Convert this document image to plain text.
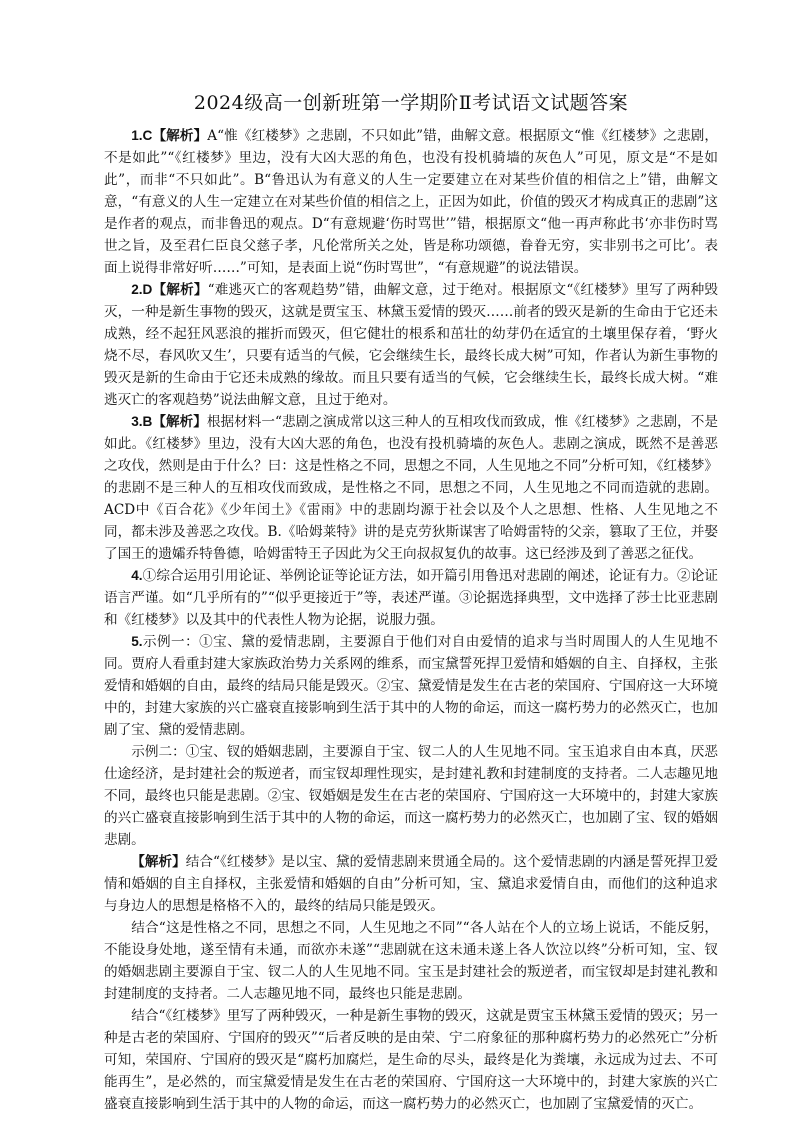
2024级高一创新班第一学期阶Ⅱ考试语文试题答案

1.C【解析】A“惟《红楼梦》之悲剧，不只如此”错，曲解文意。根据原文“惟《红楼梦》之悲剧，不是如此”“《红楼梦》里边，没有大凶大恶的角色，也没有投机骑墙的灰色人”可见，原文是“不是如此”，而非“不只如此”。B“鲁迅认为有意义的人生一定要建立在对某些价值的相信之上”错，曲解文意，“有意义的人生一定建立在对某些价值的相信之上，正因为如此，价值的毁灭才构成真正的悲剧”这是作者的观点，而非鲁迅的观点。D“有意规避‘伤时骂世’”错，根据原文“他一再声称此书‘亦非伤时骂世之旨，及至君仁臣良父慈子孝，凡伦常所关之处，皆是称功颂德，眷眷无穷，实非别书之可比’。表面上说得非常好听……”可知，是表面上说“伤时骂世”，“有意规避”的说法错误。

2.D【解析】“难逃灭亡的客观趋势”错，曲解文意，过于绝对。根据原文“《红楼梦》里写了两种毁灭，一种是新生事物的毁灭，这就是贾宝玉、林黛玉爱情的毁灭……前者的毁灭是新的生命由于它还未成熟，经不起狂风恶浪的摧折而毁灭，但它健壮的根系和茁壮的幼芽仍在适宜的土壤里保存着，‘野火烧不尽，春风吹又生’，只要有适当的气候，它会继续生长，最终长成大树”可知，作者认为新生事物的毁灭是新的生命由于它还未成熟的缘故。而且只要有适当的气候，它会继续生长，最终长成大树。“难逃灭亡的客观趋势”说法曲解文意，且过于绝对。

3.B【解析】根据材料一“悲剧之演成常以这三种人的互相攻伐而致成，惟《红楼梦》之悲剧，不是如此。《红楼梦》里边，没有大凶大恶的角色，也没有投机骑墙的灰色人。悲剧之演成，既然不是善恶之攻伐，然则是由于什么？曰：这是性格之不同，思想之不同，人生见地之不同”分析可知，《红楼梦》的悲剧不是三种人的互相攻伐而致成，是性格之不同，思想之不同，人生见地之不同而造就的悲剧。ACD中《百合花》《少年闰土》《雷雨》中的悲剧均源于社会以及个人之思想、性格、人生见地之不同，都未涉及善恶之攻伐。B.《哈姆莱特》讲的是克劳狄斯谋害了哈姆雷特的父亲，篡取了王位，并娶了国王的遗孀乔特鲁德，哈姆雷特王子因此为父王向叔叔复仇的故事。这已经涉及到了善恶之征伐。

4.①综合运用引用论证、举例论证等论证方法，如开篇引用鲁迅对悲剧的阐述，论证有力。②论证语言严谨。如“几乎所有的”“似乎更接近于”等，表述严谨。③论据选择典型，文中选择了莎士比亚悲剧和《红楼梦》以及其中的代表性人物为论据，说服力强。

5.示例一：①宝、黛的爱情悲剧，主要源自于他们对自由爱情的追求与当时周围人的人生见地不同。贾府人看重封建大家族政治势力关系网的维系，而宝黛誓死捍卫爱情和婚姻的自主、自择权，主张爱情和婚姻的自由，最终的结局只能是毁灭。②宝、黛爱情是发生在古老的荣国府、宁国府这一大环境中的，封建大家族的兴亡盛衰直接影响到生活于其中的人物的命运，而这一腐朽势力的必然灭亡，也加剧了宝、黛的爱情悲剧。

示例二：①宝、钗的婚姻悲剧，主要源自于宝、钗二人的人生见地不同。宝玉追求自由本真，厌恶仕途经济，是封建社会的叛逆者，而宝钗却理性现实，是封建礼教和封建制度的支持者。二人志趣见地不同，最终也只能是悲剧。②宝、钗婚姻是发生在古老的荣国府、宁国府这一大环境中的，封建大家族的兴亡盛衰直接影响到生活于其中的人物的命运，而这一腐朽势力的必然灭亡，也加剧了宝、钗的婚姻悲剧。

【解析】结合“《红楼梦》是以宝、黛的爱情悲剧来贯通全局的。这个爱情悲剧的内涵是誓死捍卫爱情和婚姻的自主自择权，主张爱情和婚姻的自由”分析可知，宝、黛追求爱情自由，而他们的这种追求与身边人的思想是格格不入的，最终的结局只能是毁灭。

结合“这是性格之不同，思想之不同，人生见地之不同”“各人站在个人的立场上说话，不能反躬，不能设身处地，遂至情有未通，而欲亦未遂”“悲剧就在这未通未遂上各人饮泣以终”分析可知，宝、钗的婚姻悲剧主要源自于宝、钗二人的人生见地不同。宝玉是封建社会的叛逆者，而宝钗却是封建礼教和封建制度的支持者。二人志趣见地不同，最终也只能是悲剧。

结合“《红楼梦》里写了两种毁灭，一种是新生事物的毁灭，这就是贾宝玉林黛玉爱情的毁灭；另一种是古老的荣国府、宁国府的毁灭”“后者反映的是由荣、宁二府象征的那种腐朽势力的必然死亡”分析可知，荣国府、宁国府的毁灭是“腐朽加腐烂，是生命的尽头，最终是化为粪壤，永远成为过去、不可能再生”，是必然的，而宝黛爱情是发生在古老的荣国府、宁国府这一大环境中的，封建大家族的兴亡盛衰直接影响到生活于其中的人物的命运，而这一腐朽势力的必然灭亡，也加剧了宝黛爱情的灭亡。
